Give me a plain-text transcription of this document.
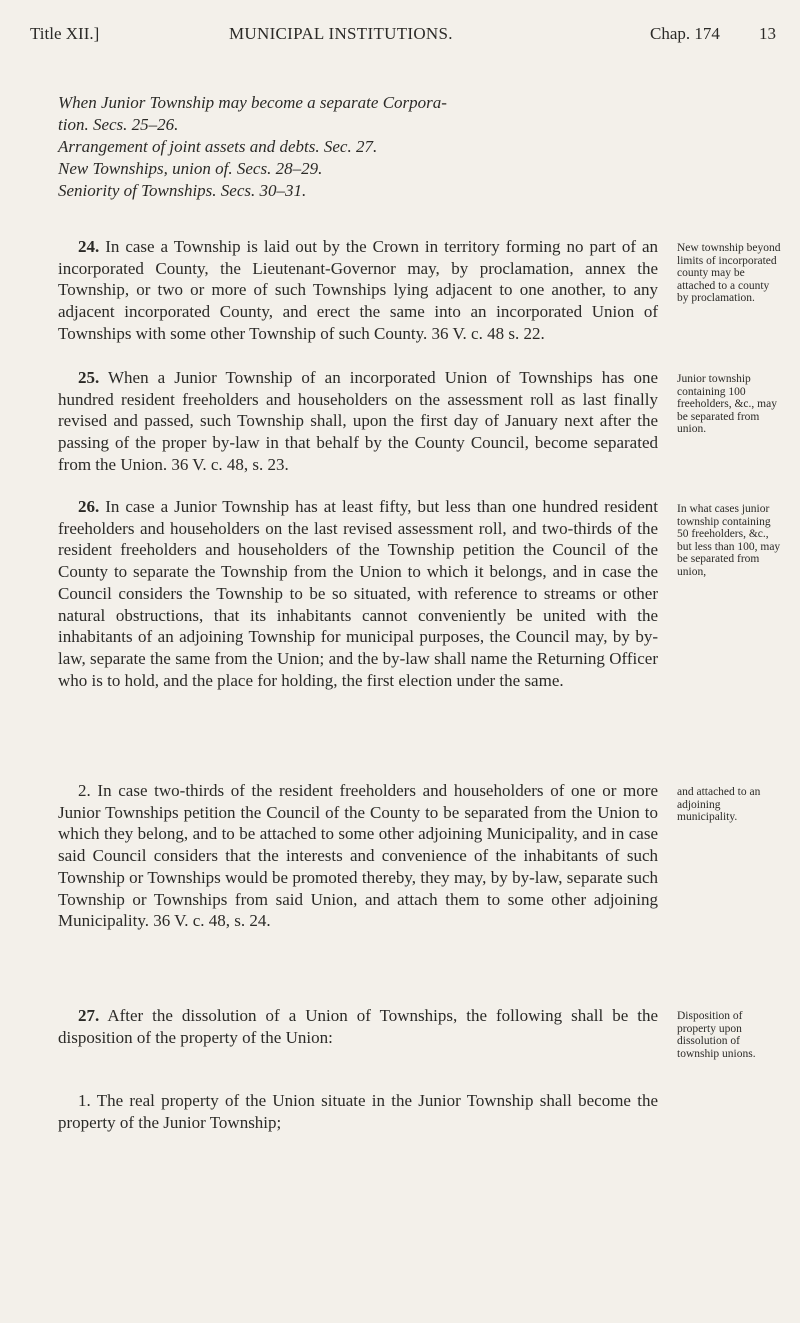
Title XII.]	MUNICIPAL INSTITUTIONS.	Chap. 174 13
When Junior Township may become a separate Corpora-
tion. Secs. 25–26.
Arrangement of joint assets and debts. Sec. 27.
New Townships, union of. Secs. 28–29.
Seniority of Townships. Secs. 30–31.

24. In case a Township is laid out by the Crown in territory forming no part of an incorporated County, the Lieutenant-Governor may, by proclamation, annex the Township, or two or more of such Townships lying adjacent to one another, to any adjacent incorporated County, and erect the same into an incorporated Union of Townships with some other Township of such County. 36 V. c. 48 s. 22.

New township beyond limits of incorporated county may be attached to a county by proclamation.

25. When a Junior Township of an incorporated Union of Townships has one hundred resident freeholders and householders on the assessment roll as last finally revised and passed, such Township shall, upon the first day of January next after the passing of the proper by-law in that behalf by the County Council, become separated from the Union. 36 V. c. 48, s. 23.

Junior township containing 100 freeholders, &c., may be separated from union.

26. In case a Junior Township has at least fifty, but less than one hundred resident freeholders and householders on the last revised assessment roll, and two-thirds of the resident freeholders and householders of the Township petition the Council of the County to separate the Township from the Union to which it belongs, and in case the Council considers the Township to be so situated, with reference to streams or other natural obstructions, that its inhabitants cannot conveniently be united with the inhabitants of an adjoining Township for municipal purposes, the Council may, by by-law, separate the same from the Union; and the by-law shall name the Returning Officer who is to hold, and the place for holding, the first election under the same.

In what cases junior township containing 50 freeholders, &c., but less than 100, may be separated from union,

2. In case two-thirds of the resident freeholders and householders of one or more Junior Townships petition the Council of the County to be separated from the Union to which they belong, and to be attached to some other adjoining Municipality, and in case said Council considers that the interests and convenience of the inhabitants of such Township or Townships would be promoted thereby, they may, by by-law, separate such Township or Townships from said Union, and attach them to some other adjoining Municipality. 36 V. c. 48, s. 24.

and attached to an adjoining municipality.

27. After the dissolution of a Union of Townships, the following shall be the disposition of the property of the Union:

Disposition of property upon dissolution of township unions.

1. The real property of the Union situate in the Junior Township shall become the property of the Junior Township;
